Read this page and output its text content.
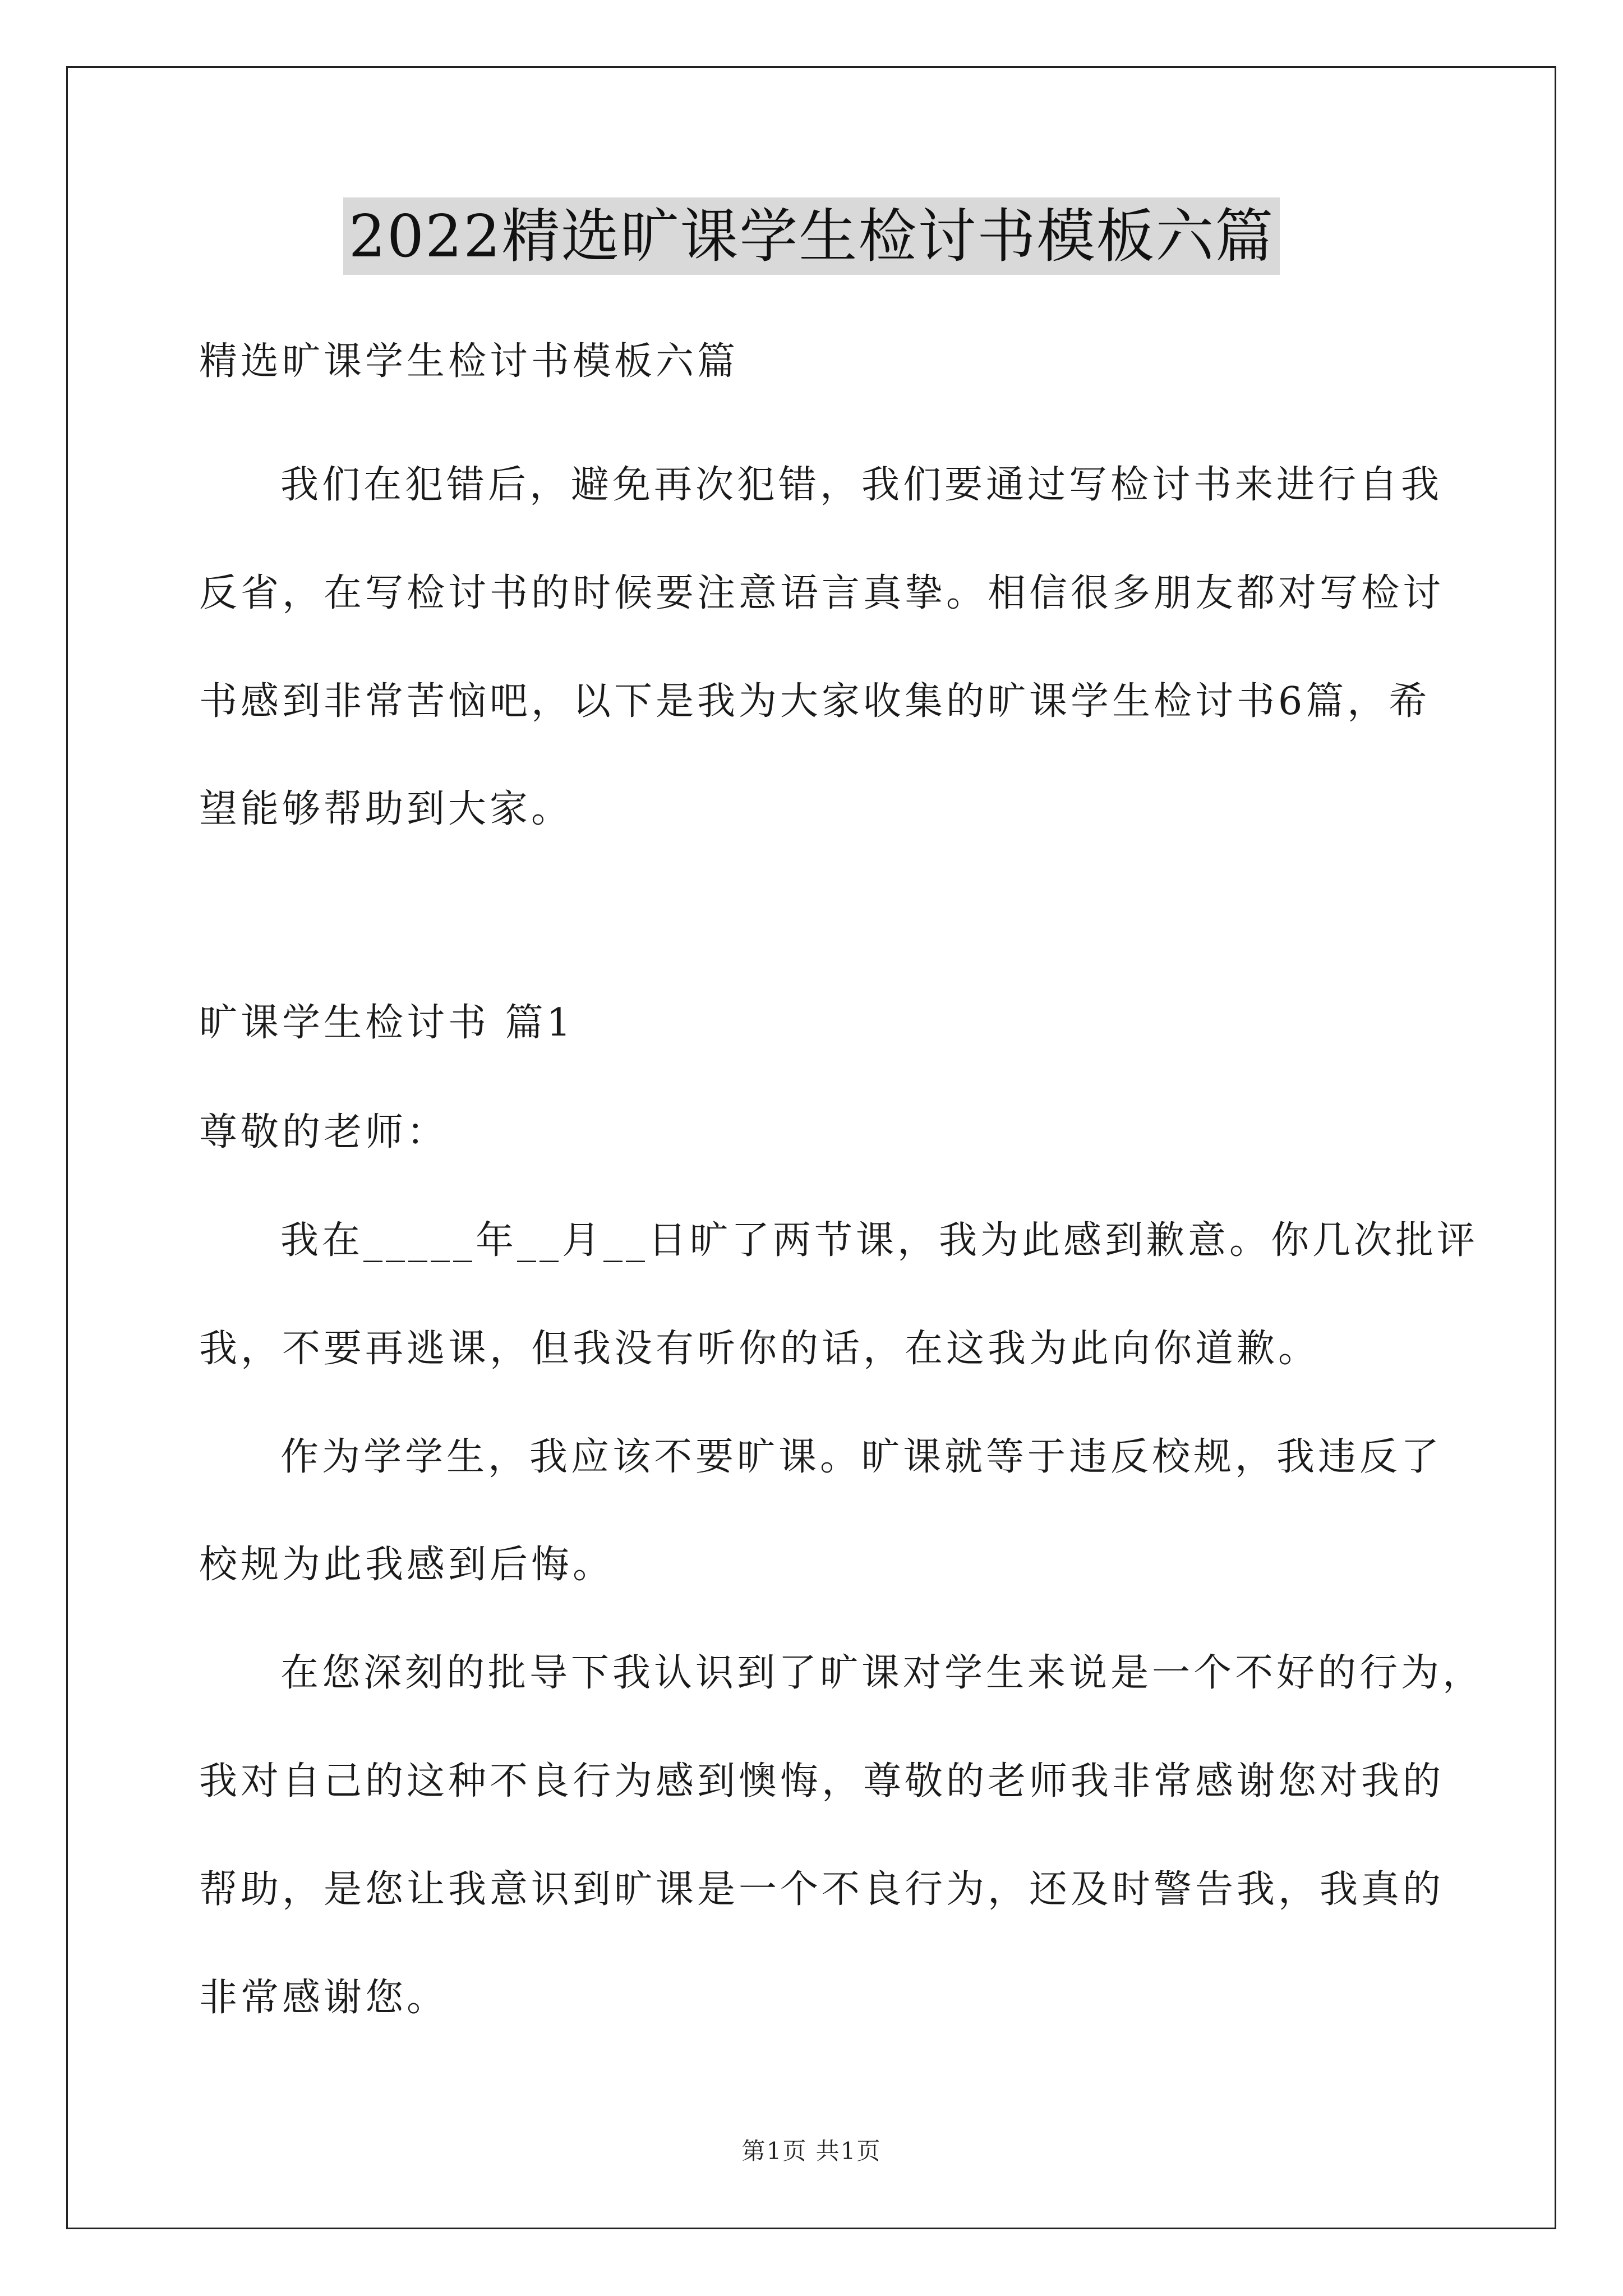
2022精选旷课学生检讨书模板六篇
精选旷课学生检讨书模板六篇
我们在犯错后，避免再次犯错，我们要通过写检讨书来进行自我
反省，在写检讨书的时候要注意语言真挚。相信很多朋友都对写检讨
书感到非常苦恼吧，以下是我为大家收集的旷课学生检讨书6篇，希
望能够帮助到大家。
旷课学生检讨书 篇1
尊敬的老师：
我在_____年__月__日旷了两节课，我为此感到歉意。你几次批评
我，不要再逃课，但我没有听你的话，在这我为此向你道歉。
作为学学生，我应该不要旷课。旷课就等于违反校规，我违反了
校规为此我感到后悔。
在您深刻的批导下我认识到了旷课对学生来说是一个不好的行为，
我对自己的这种不良行为感到懊悔，尊敬的老师我非常感谢您对我的
帮助，是您让我意识到旷课是一个不良行为，还及时警告我，我真的
非常感谢您。
第1页 共1页
